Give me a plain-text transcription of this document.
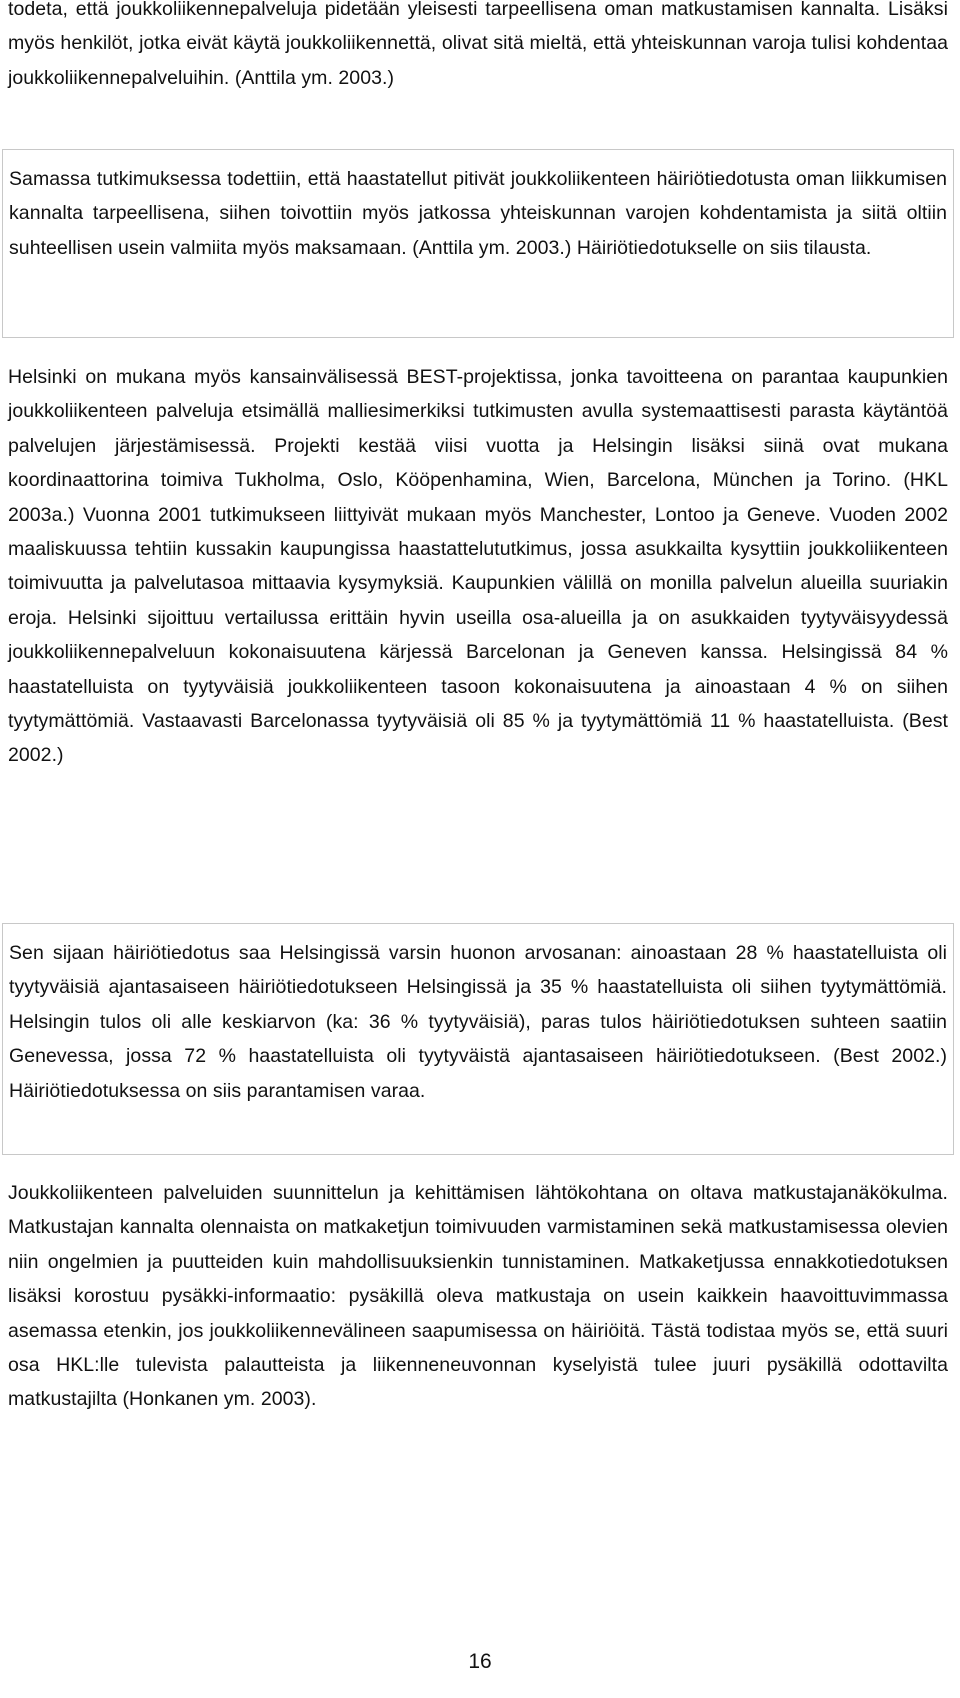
todeta, että joukkoliikennepalveluja pidetään yleisesti tarpeellisena oman matkustamisen kannalta. Lisäksi myös henkilöt, jotka eivät käytä joukkoliikennettä, olivat sitä mieltä, että yhteiskunnan varoja tulisi kohdentaa joukkoliikennepalveluihin. (Anttila ym. 2003.)

Samassa tutkimuksessa todettiin, että haastatellut pitivät joukkoliikenteen häiriötiedotusta oman liikkumisen kannalta tarpeellisena, siihen toivottiin myös jatkossa yhteiskunnan varojen kohdentamista ja siitä oltiin suhteellisen usein valmiita myös maksamaan. (Anttila ym. 2003.) Häiriötiedotukselle on siis tilausta.

Helsinki on mukana myös kansainvälisessä BEST-projektissa, jonka tavoitteena on parantaa kaupunkien joukkoliikenteen palveluja etsimällä malliesimerkiksi tutkimusten avulla systemaattisesti parasta käytäntöä palvelujen järjestämisessä. Projekti kestää viisi vuotta ja Helsingin lisäksi siinä ovat mukana koordinaattorina toimiva Tukholma, Oslo, Kööpenhamina, Wien, Barcelona, München ja Torino. (HKL 2003a.) Vuonna 2001 tutkimukseen liittyivät mukaan myös Manchester, Lontoo ja Geneve. Vuoden 2002 maaliskuussa tehtiin kussakin kaupungissa haastattelututkimus, jossa asukkailta kysyttiin joukkoliikenteen toimivuutta ja palvelutasoa mittaavia kysymyksiä. Kaupunkien välillä on monilla palvelun alueilla suuriakin eroja. Helsinki sijoittuu vertailussa erittäin hyvin useilla osa-alueilla ja on asukkaiden tyytyväisyydessä joukkoliikennepalveluun kokonaisuutena kärjessä Barcelonan ja Geneven kanssa. Helsingissä 84 % haastatelluista on tyytyväisiä joukkoliikenteen tasoon kokonaisuutena ja ainoastaan 4 % on siihen tyytymättömiä. Vastaavasti Barcelonassa tyytyväisiä oli 85 % ja tyytymättömiä 11 % haastatelluista. (Best 2002.)

Sen sijaan häiriötiedotus saa Helsingissä varsin huonon arvosanan: ainoastaan 28 % haastatelluista oli tyytyväisiä ajantasaiseen häiriötiedotukseen Helsingissä ja 35 % haastatelluista oli siihen tyytymättömiä. Helsingin tulos oli alle keskiarvon (ka: 36 % tyytyväisiä), paras tulos häiriötiedotuksen suhteen saatiin Genevessa, jossa 72 % haastatelluista oli tyytyväistä ajantasaiseen häiriötiedotukseen. (Best 2002.) Häiriötiedotuksessa on siis parantamisen varaa.

Joukkoliikenteen palveluiden suunnittelun ja kehittämisen lähtökohtana on oltava matkustajanäkökulma. Matkustajan kannalta olennaista on matkaketjun toimivuuden varmistaminen sekä matkustamisessa olevien niin ongelmien ja puutteiden kuin mahdollisuuksienkin tunnistaminen. Matkaketjussa ennakkotiedotuksen lisäksi korostuu pysäkki-informaatio: pysäkillä oleva matkustaja on usein kaikkein haavoittuvimmassa asemassa etenkin, jos joukkoliikennevälineen saapumisessa on häiriöitä. Tästä todistaa myös se, että suuri osa HKL:lle tulevista palautteista ja liikenneneuvonnan kyselyistä tulee juuri pysäkillä odottavilta matkustajilta (Honkanen ym. 2003).

16
